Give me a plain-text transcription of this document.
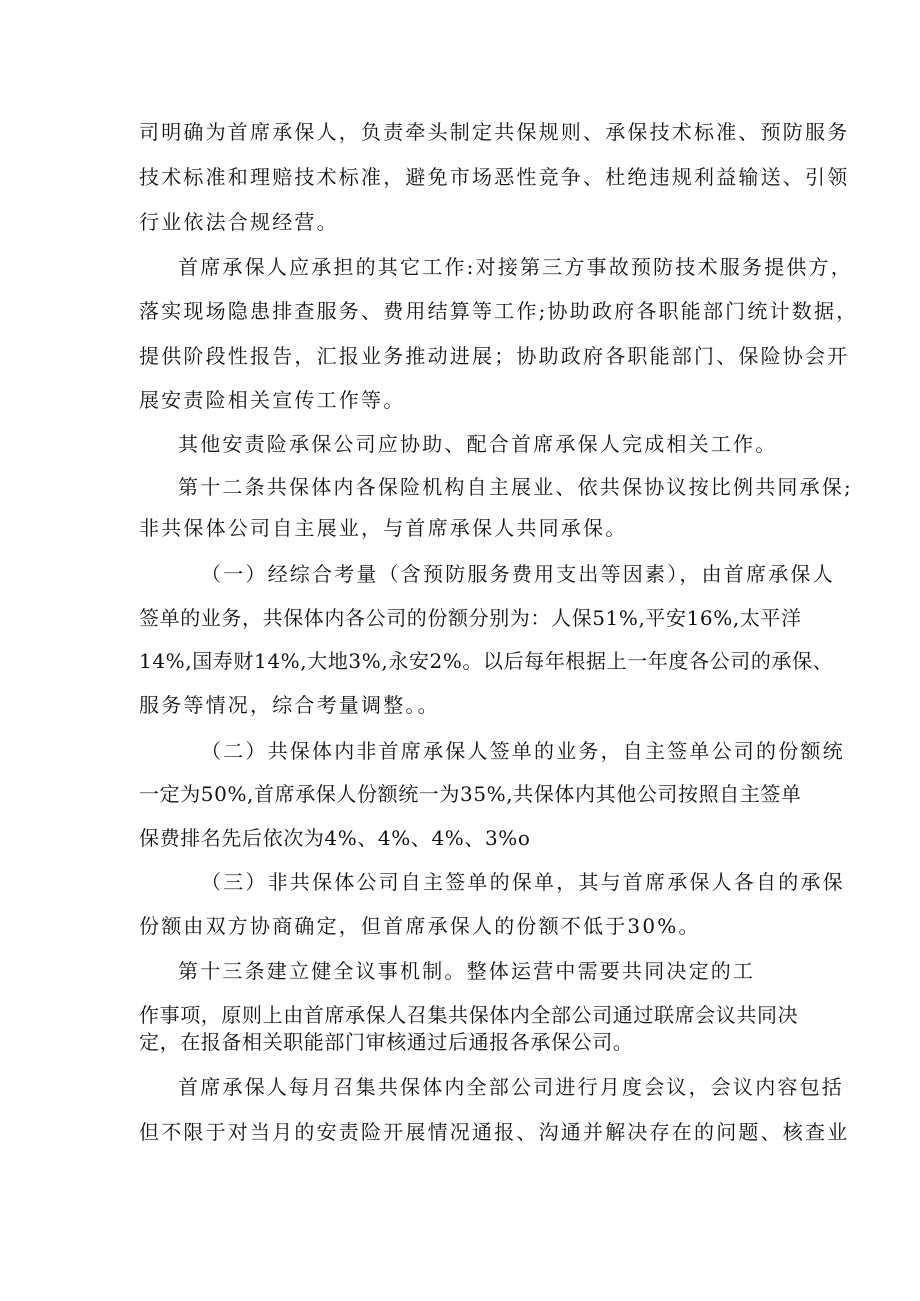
司明确为首席承保人，负责牵头制定共保规则、承保技术标准、预防服务
技术标准和理赔技术标准，避免市场恶性竞争、杜绝违规利益输送、引领
行业依法合规经营。
首席承保人应承担的其它工作:对接第三方事故预防技术服务提供方，
落实现场隐患排查服务、费用结算等工作;协助政府各职能部门统计数据，
提供阶段性报告，汇报业务推动进展；协助政府各职能部门、保险协会开
展安责险相关宣传工作等。
其他安责险承保公司应协助、配合首席承保人完成相关工作。
第十二条共保体内各保险机构自主展业、依共保协议按比例共同承保;
非共保体公司自主展业，与首席承保人共同承保。
（一）经综合考量（含预防服务费用支出等因素），由首席承保人
签单的业务，共保体内各公司的份额分别为：人保51%,平安16%,太平洋
14%,国寿财14%,大地3%,永安2%。以后每年根据上一年度各公司的承保、
服务等情况，综合考量调整。。
（二）共保体内非首席承保人签单的业务，自主签单公司的份额统
一定为50%,首席承保人份额统一为35%,共保体内其他公司按照自主签单
保费排名先后依次为4%、4%、4%、3%o
（三）非共保体公司自主签单的保单，其与首席承保人各自的承保
份额由双方协商确定，但首席承保人的份额不低于30%。
第十三条建立健全议事机制。整体运营中需要共同决定的工
作事项，原则上由首席承保人召集共保体内全部公司通过联席会议共同决
定，在报备相关职能部门审核通过后通报各承保公司。
首席承保人每月召集共保体内全部公司进行月度会议，会议内容包括
但不限于对当月的安责险开展情况通报、沟通并解决存在的问题、核查业
